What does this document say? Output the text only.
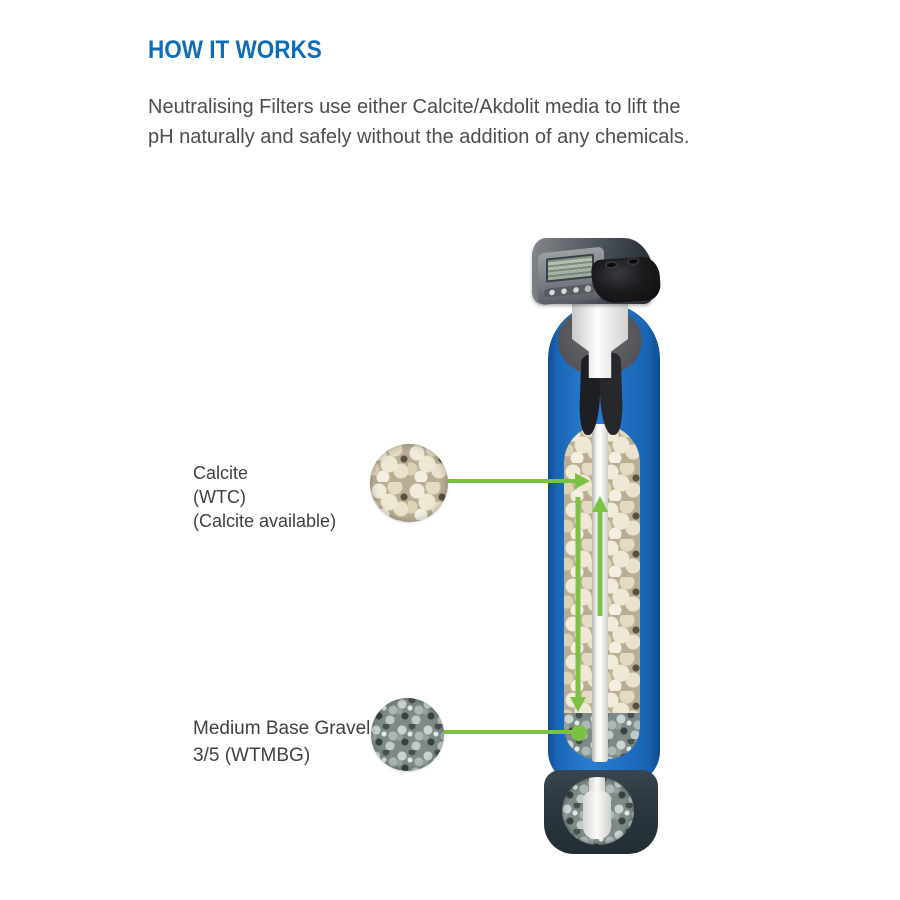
HOW IT WORKS
Neutralising Filters use either Calcite/Akdolit media to lift the
pH naturally and safely without the addition of any chemicals.
Calcite
(WTC)
(Calcite available)
Medium Base Gravel
3/5 (WTMBG)
